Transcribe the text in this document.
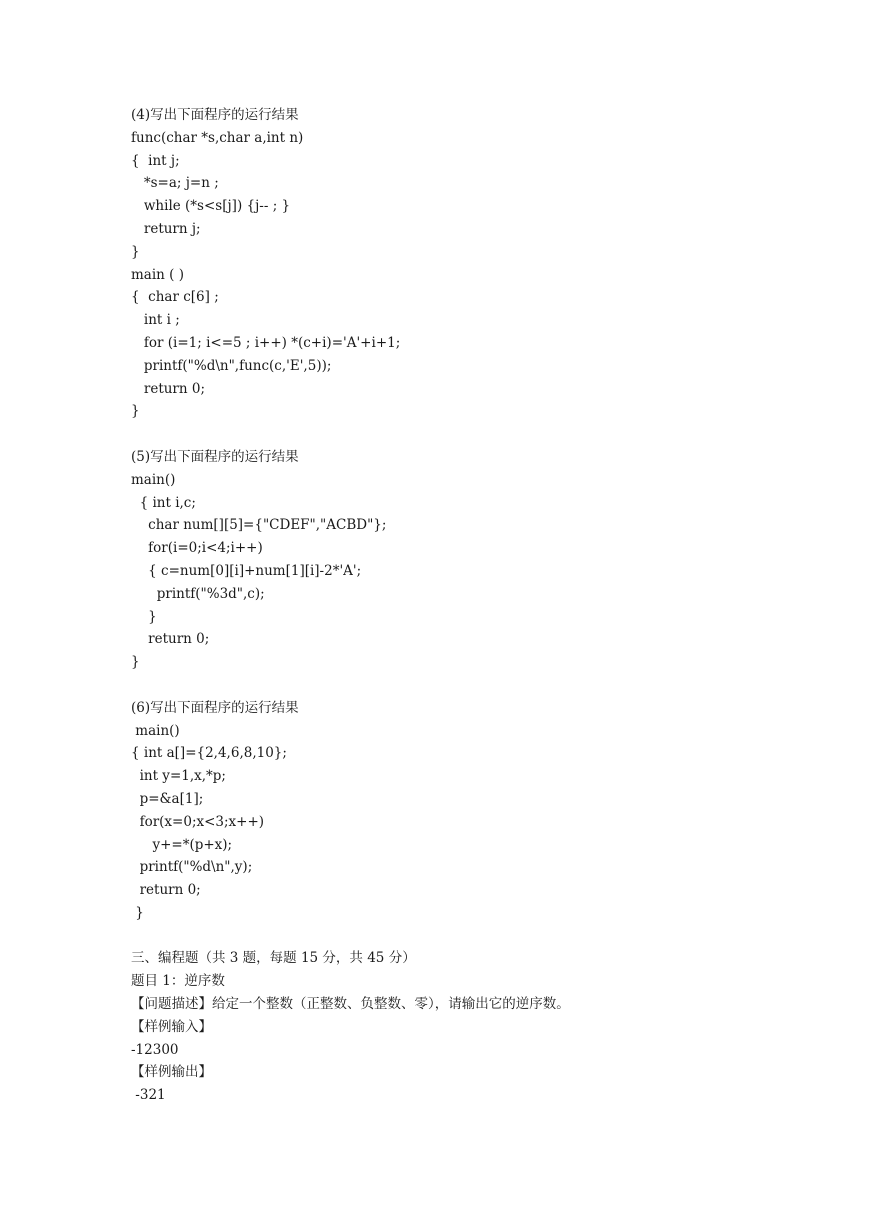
(4)写出下面程序的运行结果
func(char *s,char a,int n)
{  int j;
*s=a; j=n ;
while (*s<s[j]) {j-- ; }
return j;
}
main ( )
{  char c[6] ;
int i ;
for (i=1; i<=5 ; i++) *(c+i)='A'+i+1;
printf("%d\n",func(c,'E',5));
return 0;
}
(5)写出下面程序的运行结果
main()
{ int i,c;
char num[][5]={"CDEF","ACBD"};
for(i=0;i<4;i++)
{ c=num[0][i]+num[1][i]-2*'A';
printf("%3d",c);
}
return 0;
}
(6)写出下面程序的运行结果
main()
{ int a[]={2,4,6,8,10};
int y=1,x,*p;
p=&a[1];
for(x=0;x<3;x++)
y+=*(p+x);
printf("%d\n",y);
return 0;
}
三、编程题（共 3 题，每题 15 分，共 45 分）
题目 1：逆序数
【问题描述】给定一个整数（正整数、负整数、零），请输出它的逆序数。
【样例输入】
-12300
【样例输出】
-321
